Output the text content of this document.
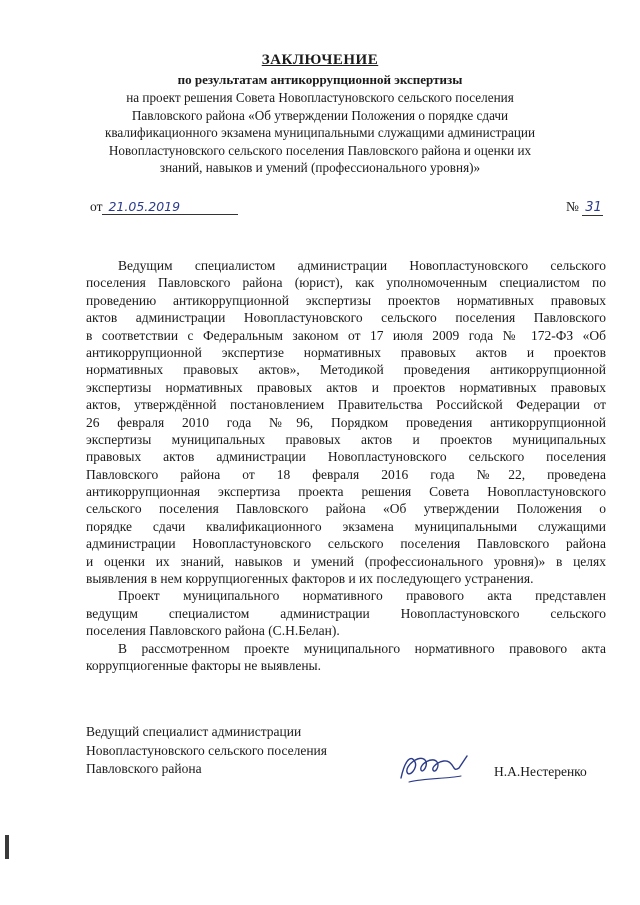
ЗАКЛЮЧЕНИЕ
по результатам антикоррупционной экспертизы
на проект решения Совета Новопластуновского сельского поселения
Павловского района «Об утверждении Положения о порядке сдачи
квалификационного экзамена муниципальными служащими администрации
Новопластуновского сельского поселения Павловского района и оценки их
знаний, навыков и умений (профессионального уровня)»
от 21.05.2019	№ 31
Ведущим специалистом администрации Новопластуновского сельского
поселения Павловского района (юрист), как уполномоченным специалистом по
проведению антикоррупционной экспертизы проектов нормативных правовых
актов администрации Новопластуновского сельского поселения Павловского
в соответствии с Федеральным законом от 17 июля 2009 года № 172-ФЗ «Об
антикоррупционной экспертизе нормативных правовых актов и проектов
нормативных правовых актов», Методикой проведения антикоррупционной
экспертизы нормативных правовых актов и проектов нормативных правовых
актов, утверждённой постановлением Правительства Российской Федерации от
26 февраля 2010 года №96, Порядком проведения антикоррупционной
экспертизы муниципальных правовых актов и проектов муниципальных
правовых актов администрации Новопластуновского сельского поселения
Павловского района от 18 февраля 2016 года №22, проведена
антикоррупционная экспертиза проекта решения Совета Новопластуновского
сельского поселения Павловского района «Об утверждении Положения о
порядке сдачи квалификационного экзамена муниципальными служащими
администрации Новопластуновского сельского поселения Павловского района
и оценки их знаний, навыков и умений (профессионального уровня)» в целях
выявления в нем коррупциогенных факторов и их последующего устранения.
Проект муниципального нормативного правового акта представлен
ведущим специалистом администрации Новопластуновского сельского
поселения Павловского района (С.Н.Белан).
В рассмотренном проекте муниципального нормативного правового акта
коррупциогенные факторы не выявлены.
Ведущий специалист администрации
Новопластуновского сельского поселения
Павловского района	Н.А.Нестеренко
